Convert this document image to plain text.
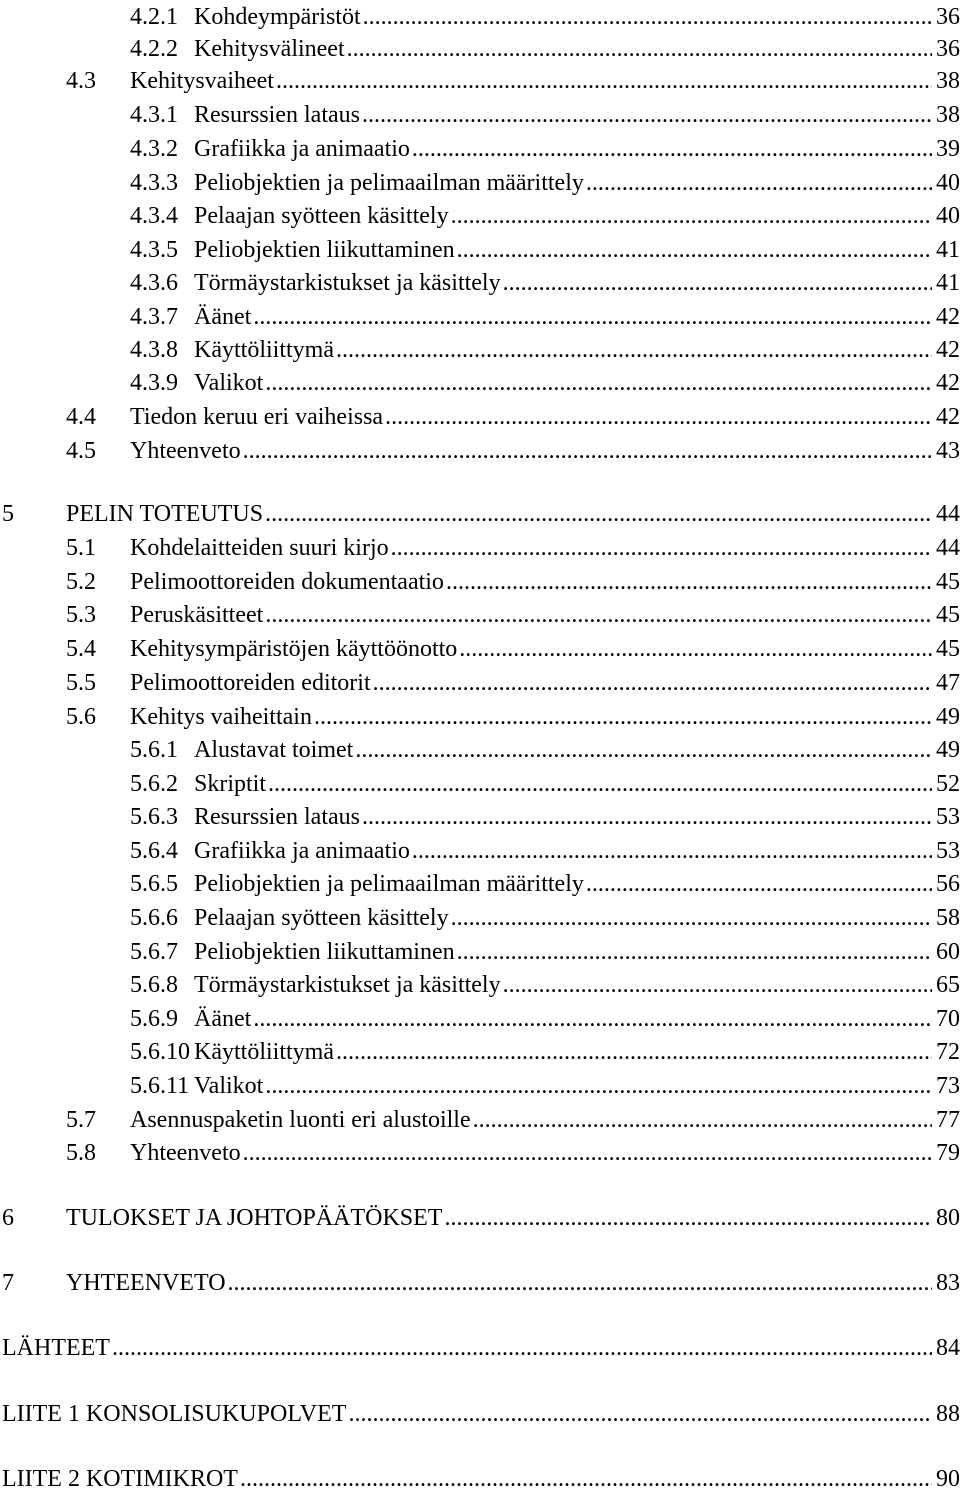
4.2.1 Kohdeympäristöt .....	36
4.2.2 Kehitysvälineet .....	36
4.3 Kehitysvaiheet .....	38
4.3.1 Resurssien lataus .....	38
4.3.2 Grafiikka ja animaatio .....	39
4.3.3 Peliobjektien ja pelimaailman määrittely .....	40
4.3.4 Pelaajan syötteen käsittely .....	40
4.3.5 Peliobjektien liikuttaminen .....	41
4.3.6 Törmäystarkistukset ja käsittely .....	41
4.3.7 Äänet .....	42
4.3.8 Käyttöliittymä .....	42
4.3.9 Valikot .....	42
4.4 Tiedon keruu eri vaiheissa .....	42
4.5 Yhteenveto .....	43
5 PELIN TOTEUTUS .....	44
5.1 Kohdelaitteiden suuri kirjo .....	44
5.2 Pelimoottoreiden dokumentaatio .....	45
5.3 Peruskäsitteet .....	45
5.4 Kehitysympäristöjen käyttöönotto .....	45
5.5 Pelimoottoreiden editorit .....	47
5.6 Kehitys vaiheittain .....	49
5.6.1 Alustavat toimet .....	49
5.6.2 Skriptit .....	52
5.6.3 Resurssien lataus .....	53
5.6.4 Grafiikka ja animaatio .....	53
5.6.5 Peliobjektien ja pelimaailman määrittely .....	56
5.6.6 Pelaajan syötteen käsittely .....	58
5.6.7 Peliobjektien liikuttaminen .....	60
5.6.8 Törmäystarkistukset ja käsittely .....	65
5.6.9 Äänet .....	70
5.6.10 Käyttöliittymä .....	72
5.6.11 Valikot .....	73
5.7 Asennuspaketin luonti eri alustoille .....	77
5.8 Yhteenveto .....	79
6 TULOKSET JA JOHTOPÄÄTÖKSET .....	80
7 YHTEENVETO .....	83
LÄHTEET .....	84
LIITE 1 KONSOLISUKUPOLVET .....	88
LIITE 2 KOTIMIKROT .....	90
